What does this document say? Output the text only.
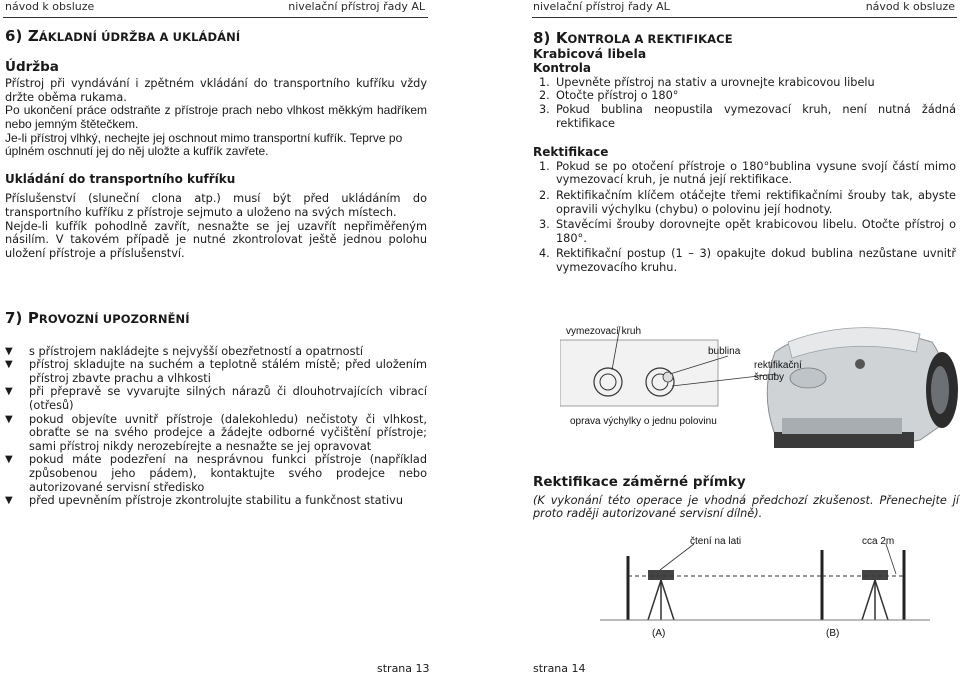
návod k obsluze	nivelační přístroj řady AL
6) ZÁKLADNÍ ÚDRŽBA A UKLÁDÁNÍ
Údržba

Přístroj při vyndávání i zpětném vkládání do transportního kufříku vždy držte oběma rukama.

Po ukončení práce odstraňte z přístroje prach nebo vlhkost měkkým hadříkem nebo jemným štětečkem.

Je-li přístroj vlhký, nechejte jej oschnout mimo transportní kufřík. Teprve po úplném oschnutí jej do něj uložte a kufřík zavřete.

Ukládání do transportního kufříku

Příslušenství (sluneční clona atp.) musí být před ukládáním do transportního kufříku z přístroje sejmuto a uloženo na svých místech.

Nejde-li kufřík pohodlně zavřít, nesnažte se jej uzavřít nepřiměřeným násilím. V takovém případě je nutné zkontrolovat ještě jednou polohu uložení přístroje a příslušenství.

7) PROVOZNÍ UPOZORNĚNÍ
▼ s přístrojem nakládejte s nejvyšší obezřetností a opatrností
▼ přístroj skladujte na suchém a teplotně stálém místě; před uložením přístroj zbavte prachu a vlhkosti
▼ při přepravě se vyvarujte silných nárazů či dlouhotrvajících vibrací (otřesů)
▼ pokud objevíte uvnitř přístroje (dalekohledu) nečistoty či vlhkost, obraťte se na svého prodejce a žádejte odborné vyčištění přístroje; sami přístroj nikdy nerozebírejte a nesnažte se jej opravovat
▼ pokud máte podezření na nesprávnou funkci přístroje (například způsobenou jeho pádem), kontaktujte svého prodejce nebo autorizované servisní středisko
▼ před upevněním přístroje zkontrolujte stabilitu a funkčnost stativu
strana 13
nivelační přístroj řady AL	návod k obsluze
8) KONTROLA A REKTIFIKACE
Krabicová libela
Kontrola
1. Upevněte přístroj na stativ a urovnejte krabicovou libelu
2. Otočte přístroj o 180°
3. Pokud bublina neopustila vymezovací kruh, není nutná žádná rektifikace
Rektifikace
1. Pokud se po otočení přístroje o 180°bublina vysune svojí částí mimo vymezovací kruh, je nutná její rektifikace.
2. Rektifikačním klíčem otáčejte třemi rektifikačními šrouby tak, abyste opravili výchylku (chybu) o polovinu její hodnoty.
3. Stavěcími šrouby dorovnejte opět krabicovou libelu. Otočte přístroj o 180°.
4. Rektifikační postup (1 – 3) opakujte dokud bublina nezůstane uvnitř vymezovacího kruhu.
vymezovací kruh
bublina
rektifikační
šrouby
oprava výchylky o jednu polovinu
Rektifikace záměrné přímky

(K vykonání této operace je vhodná předchozí zkušenost. Přenechejte jí proto raději autorizované servisní dílně).

čtení na lati	cca 2m
(A)	(B)
strana 14
